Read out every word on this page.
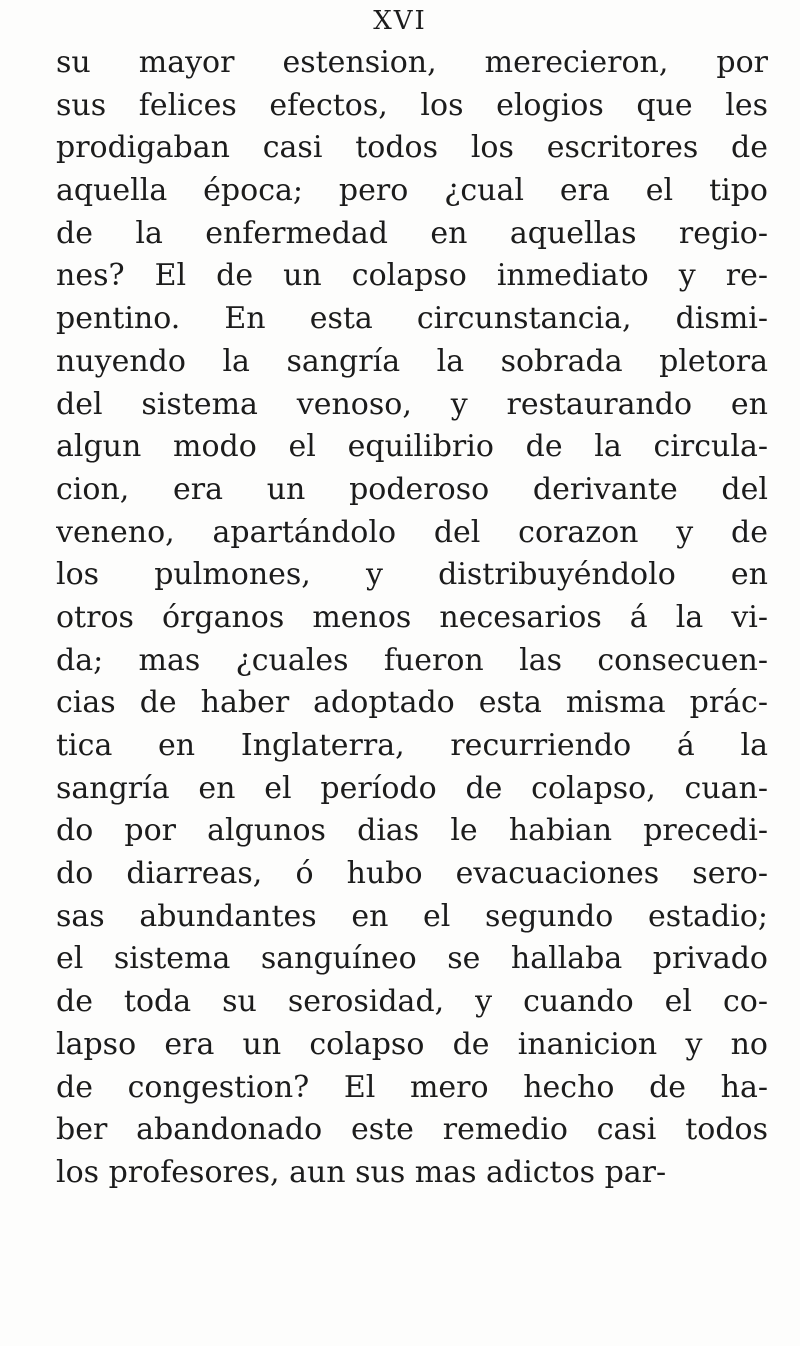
XVI
su mayor estension, merecieron, por
sus felices efectos, los elogios que les
prodigaban casi todos los escritores de
aquella época; pero ¿cual era el tipo
de la enfermedad en aquellas regio-
nes? El de un colapso inmediato y re-
pentino. En esta circunstancia, dismi-
nuyendo la sangría la sobrada pletora
del sistema venoso, y restaurando en
algun modo el equilibrio de la circula-
cion, era un poderoso derivante del
veneno, apartándolo del corazon y de
los pulmones, y distribuyéndolo en
otros órganos menos necesarios á la vi-
da; mas ¿cuales fueron las consecuen-
cias de haber adoptado esta misma prác-
tica en Inglaterra, recurriendo á la
sangría en el período de colapso, cuan-
do por algunos dias le habian precedi-
do diarreas, ó hubo evacuaciones sero-
sas abundantes en el segundo estadio;
el sistema sanguíneo se hallaba privado
de toda su serosidad, y cuando el co-
lapso era un colapso de inanicion y no
de congestion? El mero hecho de ha-
ber abandonado este remedio casi todos
los profesores, aun sus mas adictos par-
